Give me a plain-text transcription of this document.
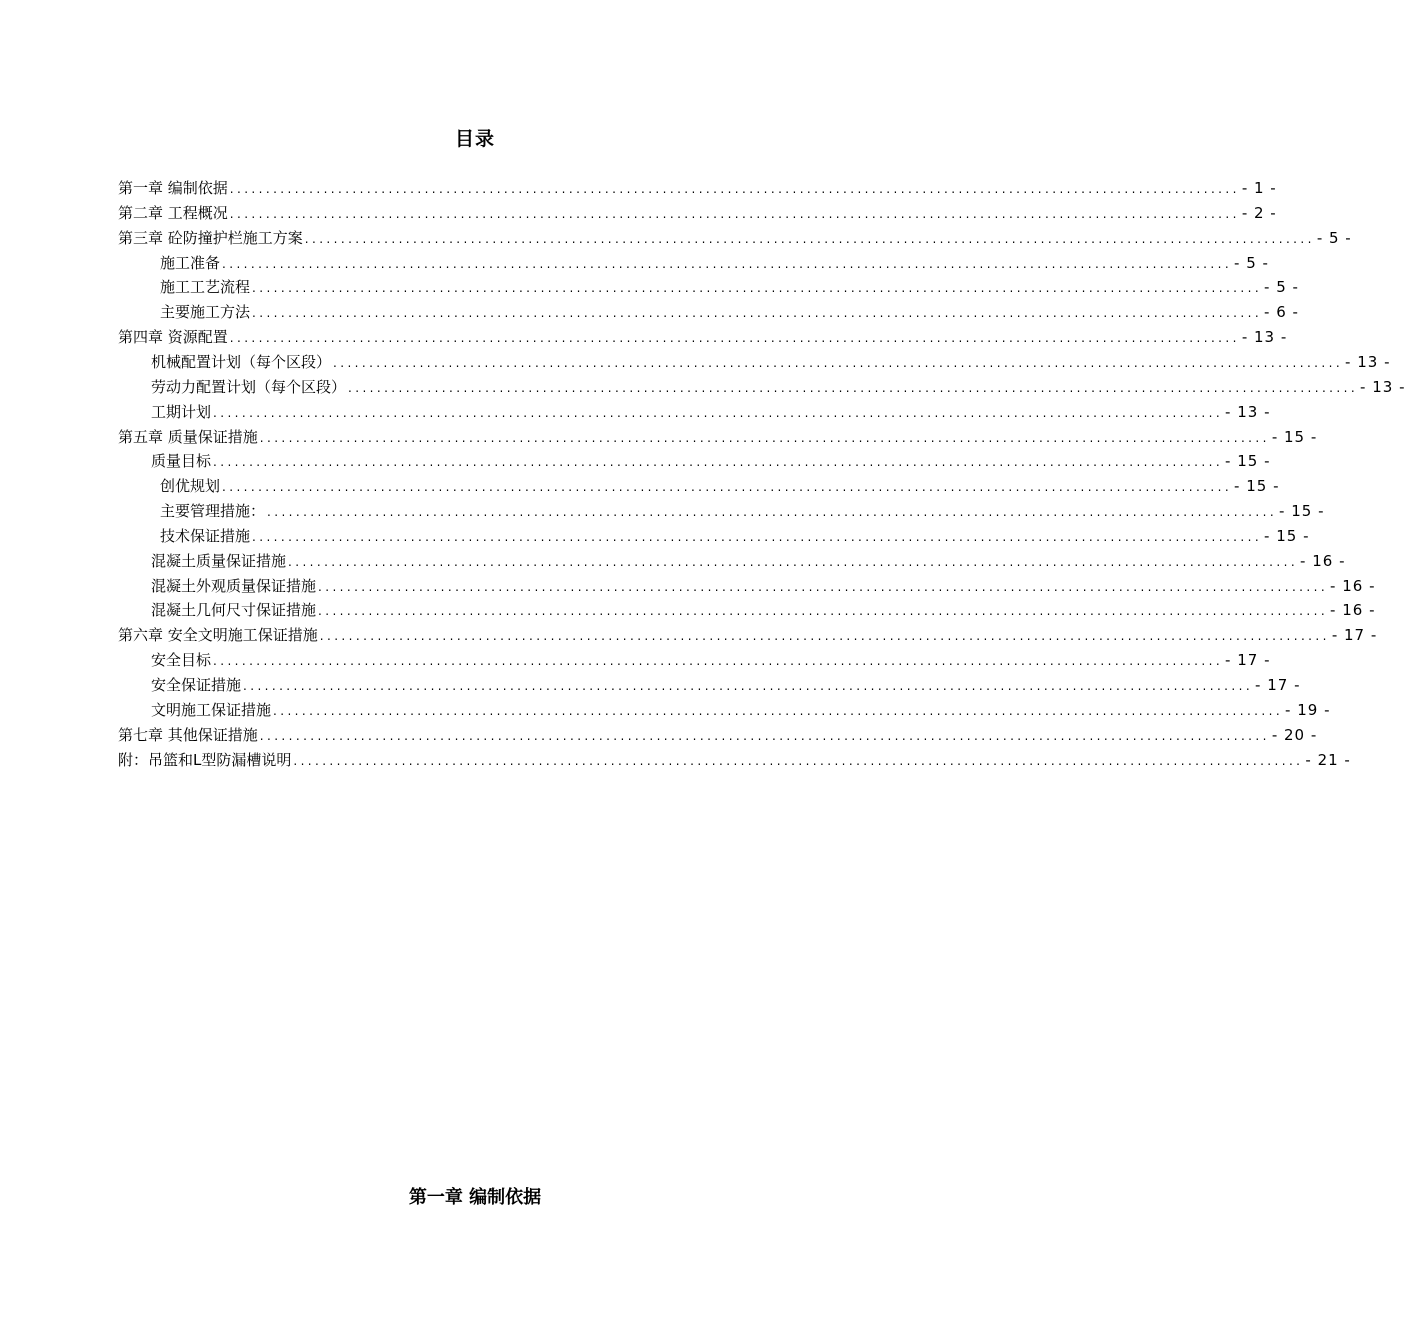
目录
第一章 编制依据 ............................................................................................................................................ - 1 -
第二章 工程概况 ............................................................................................................................................ - 2 -
第三章 砼防撞护栏施工方案 ............................................................................................................................................ - 5 -
施工准备 ............................................................................................................................................ - 5 -
施工工艺流程 ............................................................................................................................................ - 5 -
主要施工方法 ............................................................................................................................................ - 6 -
第四章 资源配置 ............................................................................................................................................ - 13 -
机械配置计划（每个区段） ............................................................................................................................................ - 13 -
劳动力配置计划（每个区段） ............................................................................................................................................ - 13 -
工期计划 ............................................................................................................................................ - 13 -
第五章 质量保证措施 ............................................................................................................................................ - 15 -
质量目标 ............................................................................................................................................ - 15 -
创优规划 ............................................................................................................................................ - 15 -
主要管理措施： ............................................................................................................................................ - 15 -
技术保证措施 ............................................................................................................................................ - 15 -
混凝土质量保证措施 ............................................................................................................................................ - 16 -
混凝土外观质量保证措施 ............................................................................................................................................ - 16 -
混凝土几何尺寸保证措施 ............................................................................................................................................ - 16 -
第六章 安全文明施工保证措施 ............................................................................................................................................ - 17 -
安全目标 ............................................................................................................................................ - 17 -
安全保证措施 ............................................................................................................................................ - 17 -
文明施工保证措施 ............................................................................................................................................ - 19 -
第七章 其他保证措施 ............................................................................................................................................ - 20 -
附：吊篮和L型防漏槽说明 ............................................................................................................................................ - 21 -
第一章 编制依据
